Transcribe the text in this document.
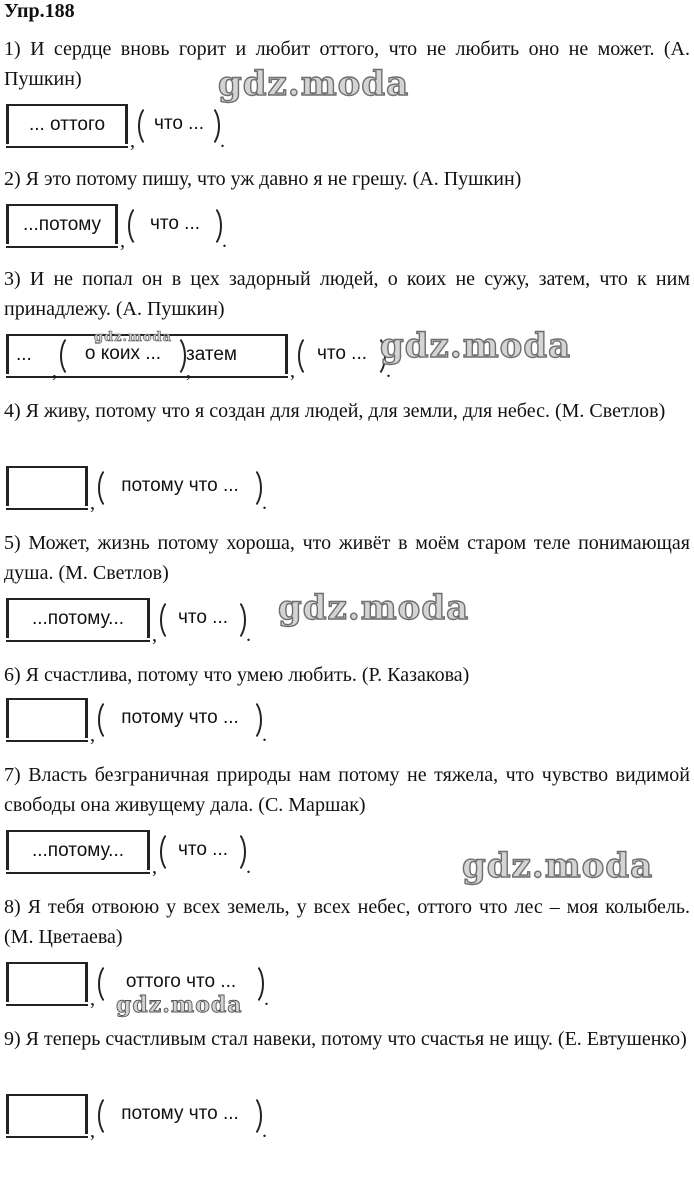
Упр.188
1) И сердце вновь горит и любит оттого, что не любить оно не может. (А. Пушкин)
... оттого
,
что ...
.
2) Я это потому пишу, что уж давно я не грешу. (А. Пушкин)
...потому
,
что ...
.
3) И не попал он в цех задорный людей, о коих не сужу, затем, что к ним принадлежу. (А. Пушкин)
...	затем
,
о коих ...
,	,
что ...
.
4) Я живу, потому что я создан для людей, для земли, для небес. (М. Светлов)
,
потому что ...
.
5) Может, жизнь потому хороша, что живёт в моём старом теле понимающая душа. (М. Светлов)
...потому...
,
что ...
.
6) Я счастлива, потому что умею любить. (Р. Казакова)
,
потому что ...
.
7) Власть безграничная природы нам потому не тяжела, что чувство видимой свободы она живущему дала. (С. Маршак)
...потому...
,
что ...
.
8) Я тебя отвоюю у всех земель, у всех небес, оттого что лес – моя колыбель. (М. Цветаева)
,
оттого что ...
.
9) Я теперь счастливым стал навеки, потому что счастья не ищу. (Е. Евтушенко)
,
потому что ...
.
gdz.moda
gdz.moda	gdz.moda
gdz.moda
gdz.moda
gdz.moda
